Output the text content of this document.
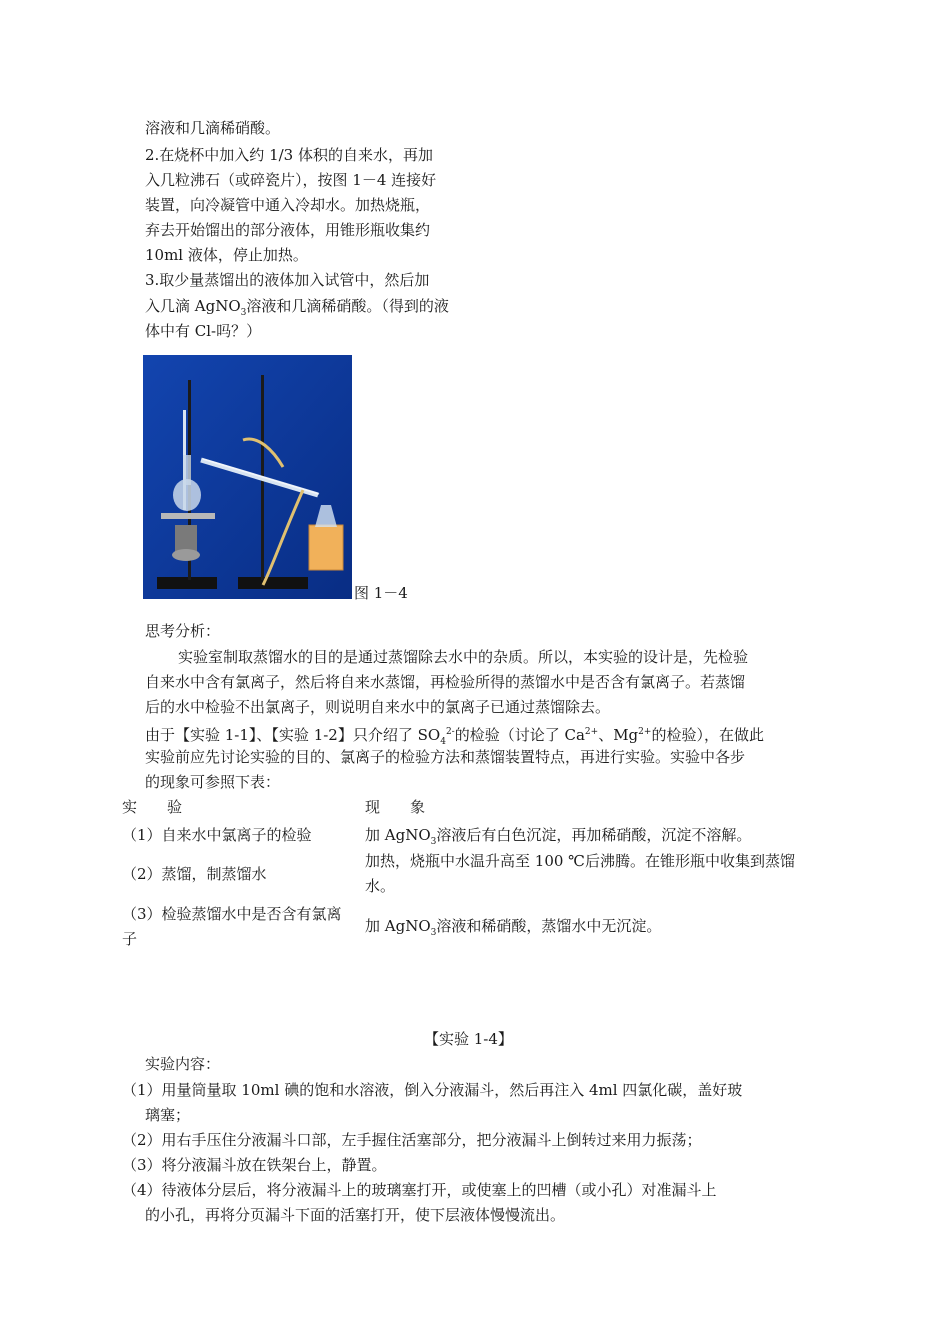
溶液和几滴稀硝酸。
2.在烧杯中加入约 1/3 体积的自来水，再加
入几粒沸石（或碎瓷片），按图 1－4 连接好
装置，向冷凝管中通入冷却水。加热烧瓶，
弃去开始馏出的部分液体，用锥形瓶收集约
10ml 液体，停止加热。
3.取少量蒸馏出的液体加入试管中，然后加
入几滴 AgNO$_3$溶液和几滴稀硝酸。（得到的液
体中有 Cl-吗？）
图 1－4
思考分析：
实验室制取蒸馏水的目的是通过蒸馏除去水中的杂质。所以，本实验的设计是，先检验
自来水中含有氯离子，然后将自来水蒸馏，再检验所得的蒸馏水中是否含有氯离子。若蒸馏
后的水中检验不出氯离子，则说明自来水中的氯离子已通过蒸馏除去。
由于【实验 1-1】、【实验 1-2】只介绍了 $SO_4^{2-}$的检验（讨论了 $Ca^{2+}$、$Mg^{2+}$的检验），在做此
实验前应先讨论实验的目的、氯离子的检验方法和蒸馏装置特点，再进行实验。实验中各步
的现象可参照下表：
实　　验	现　　象
（1）自来水中氯离子的检验	加 AgNO$_3$溶液后有白色沉淀，再加稀硝酸，沉淀不溶解。
（2）蒸馏，制蒸馏水
加热，烧瓶中水温升高至 100 ℃后沸腾。在锥形瓶中收集到蒸馏
水。
（3）检验蒸馏水中是否含有氯离
子
加 AgNO$_3$溶液和稀硝酸，蒸馏水中无沉淀。
【实验 1-4】
实验内容：
（1）用量筒量取 10ml 碘的饱和水溶液，倒入分液漏斗，然后再注入 4ml 四氯化碳，盖好玻
璃塞；
（2）用右手压住分液漏斗口部，左手握住活塞部分，把分液漏斗上倒转过来用力振荡；
（3）将分液漏斗放在铁架台上，静置。
（4）待液体分层后，将分液漏斗上的玻璃塞打开，或使塞上的凹槽（或小孔）对准漏斗上
的小孔，再将分页漏斗下面的活塞打开，使下层液体慢慢流出。
